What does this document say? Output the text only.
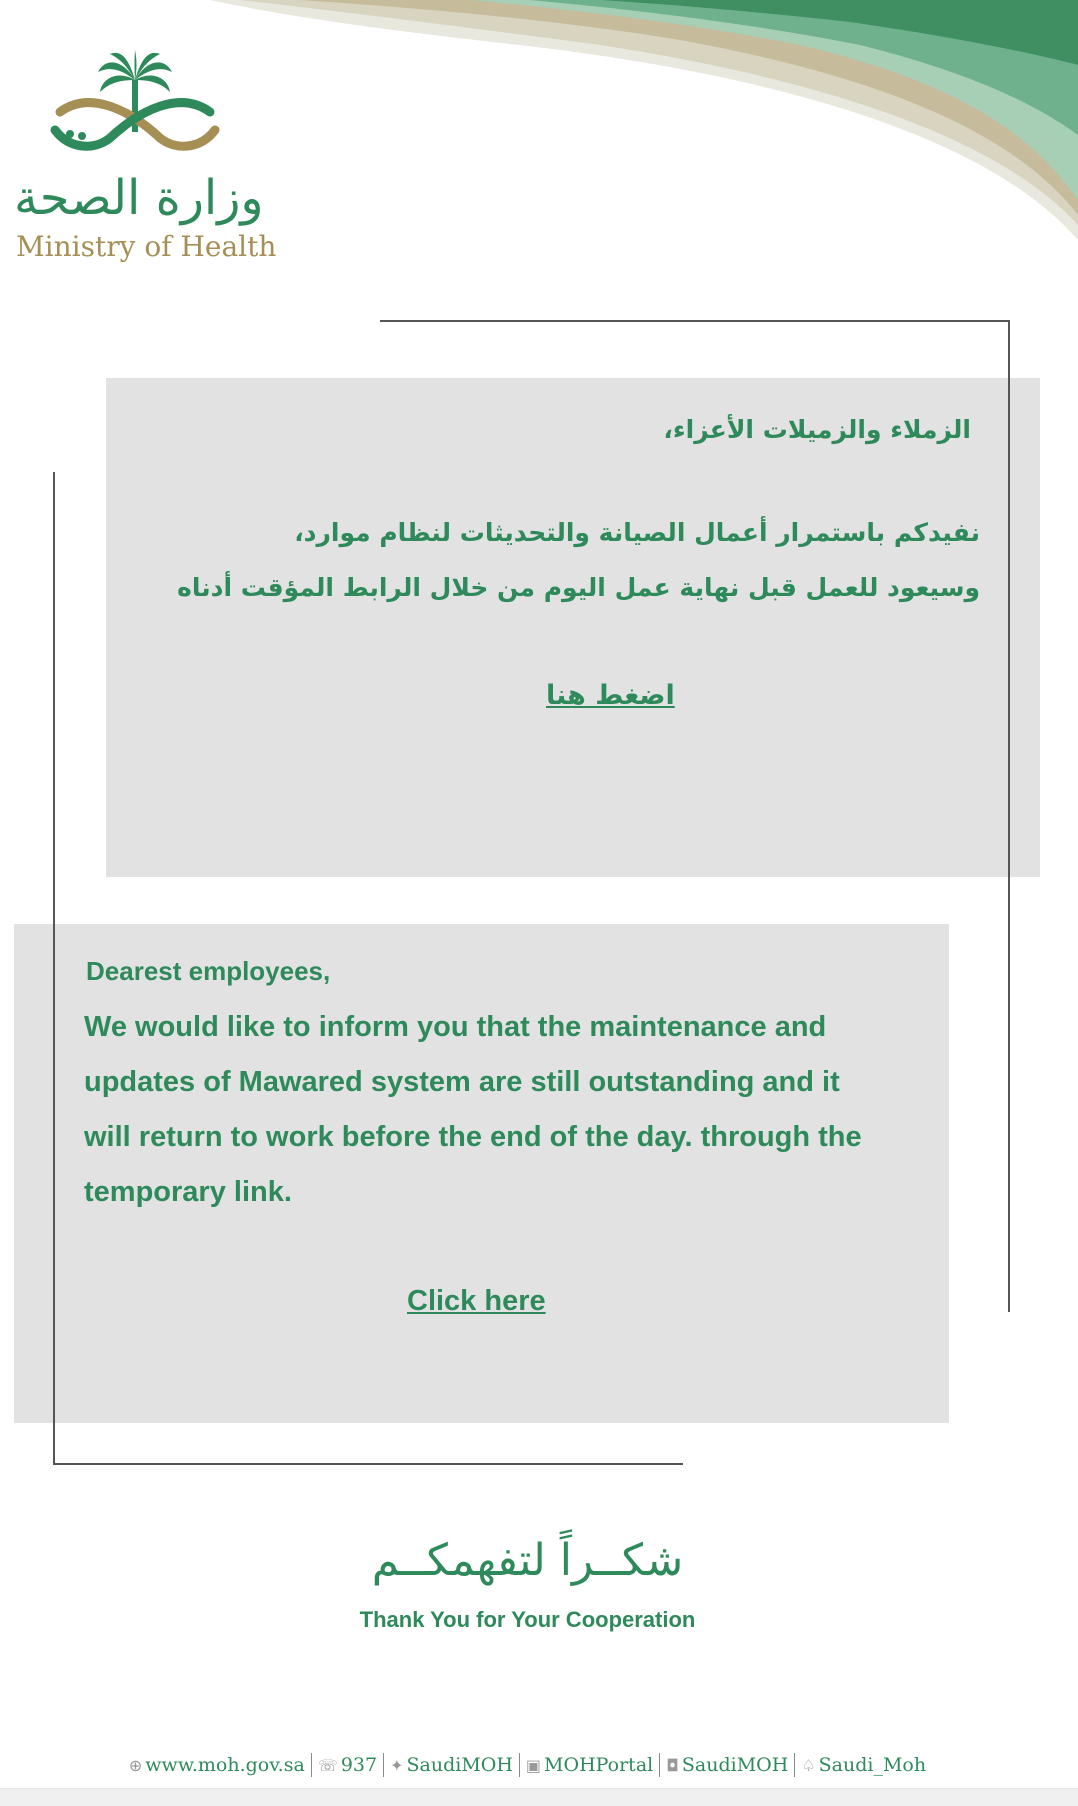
وزارة الصحة
Ministry of Health
الزملاء والزميلات الأعزاء،
نفيدكم باستمرار أعمال الصيانة والتحديثات لنظام موارد،
وسيعود للعمل قبل نهاية عمل اليوم من خلال الرابط المؤقت أدناه
اضغط هنا
Dearest employees,
We would like to inform you that the maintenance and updates of Mawared system are still outstanding and it will return to work before the end of the day. through the temporary link.
Click here
شكــراً لتفهمكــم
Thank You for Your Cooperation
⊕ www.moh.gov.sa ☏ 937 ✦ SaudiMOH ▣ MOHPortal ◘ SaudiMOH ♤ Saudi_Moh
